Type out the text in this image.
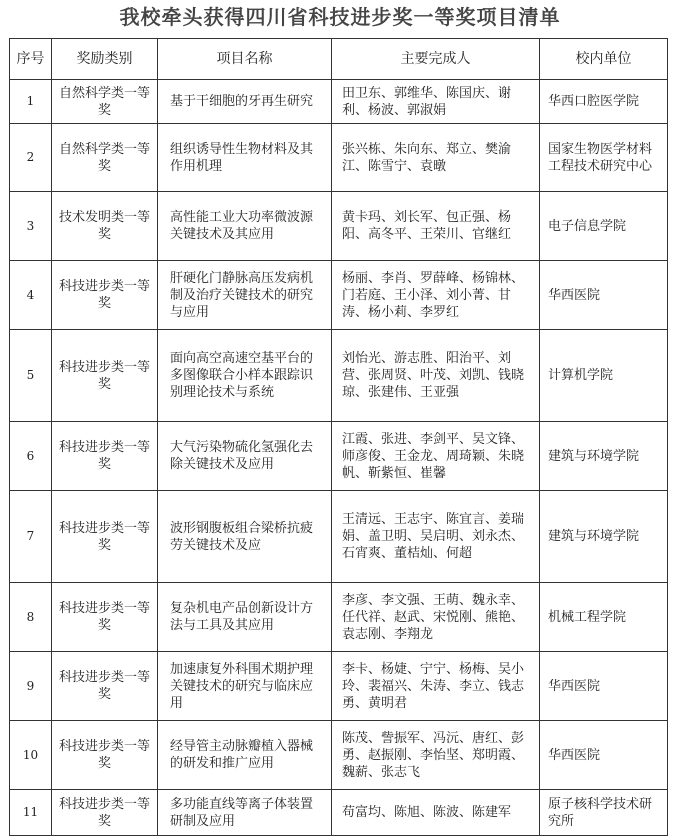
我校牵头获得四川省科技进步奖一等奖项目清单
序号	奖励类别	项目名称	主要完成人	校内单位
1	自然科学类一等奖	基于干细胞的牙再生研究	田卫东、郭维华、陈国庆、谢利、杨波、郭淑娟	华西口腔医学院
2	自然科学类一等奖	组织诱导性生物材料及其作用机理	张兴栋、朱向东、郑立、樊渝江、陈雪宁、袁暾	国家生物医学材料工程技术研究中心
3	技术发明类一等奖	高性能工业大功率微波源关键技术及其应用	黄卡玛、刘长军、包正强、杨阳、高冬平、王荣川、官继红	电子信息学院
4	科技进步类一等奖	肝硬化门静脉高压发病机制及治疗关键技术的研究与应用	杨丽、李肖、罗薛峰、杨锦林、门若庭、王小泽、刘小菁、甘涛、杨小莉、李罗红	华西医院
5	科技进步类一等奖	面向高空高速空基平台的多图像联合小样本跟踪识别理论技术与系统	刘怡光、游志胜、阳治平、刘营、张周贤、叶茂、刘凯、钱晓琼、张建伟、王亚强	计算机学院
6	科技进步类一等奖	大气污染物硫化氢强化去除关键技术及应用	江霞、张进、李剑平、吴文锋、师彦俊、王金龙、周琦颖、朱晓帆、靳紫恒、崔馨	建筑与环境学院
7	科技进步类一等奖	波形钢腹板组合梁桥抗疲劳关键技术及应	王清远、王志宇、陈宜言、姜瑞娟、盖卫明、吴启明、刘永杰、石宵爽、董桔灿、何超	建筑与环境学院
8	科技进步类一等奖	复杂机电产品创新设计方法与工具及其应用	李彦、李文强、王萌、魏永幸、任代祥、赵武、宋悦刚、熊艳、袁志刚、李翔龙	机械工程学院
9	科技进步类一等奖	加速康复外科围术期护理关键技术的研究与临床应用	李卡、杨婕、宁宁、杨梅、吴小玲、裴福兴、朱涛、李立、钱志勇、黄明君	华西医院
10	科技进步类一等奖	经导管主动脉瓣植入器械的研发和推广应用	陈茂、訾振军、冯沅、唐红、彭勇、赵振刚、李怡坚、郑明霞、魏薪、张志飞	华西医院
11	科技进步类一等奖	多功能直线等离子体装置研制及应用	苟富均、陈旭、陈波、陈建军	原子核科学技术研究所
